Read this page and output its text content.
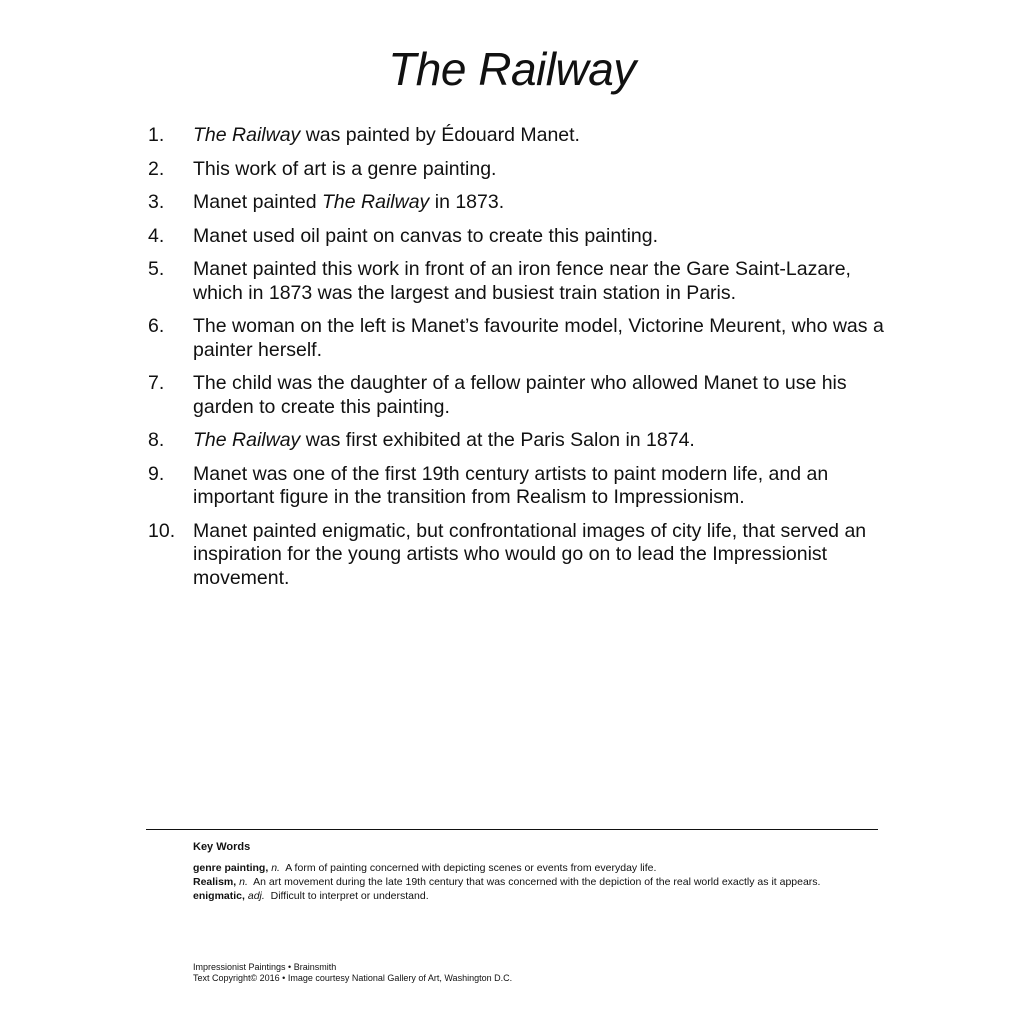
The Railway
1.	The Railway was painted by Édouard Manet.
2.	This work of art is a genre painting.
3.	Manet painted The Railway in 1873.
4.	Manet used oil paint on canvas to create this painting.
5.	Manet painted this work in front of an iron fence near the Gare Saint-Lazare, which in 1873 was the largest and busiest train station in Paris.
6.	The woman on the left is Manet’s favourite model, Victorine Meurent, who was a painter herself.
7.	The child was the daughter of a fellow painter who allowed Manet to use his garden to create this painting.
8.	The Railway was first exhibited at the Paris Salon in 1874.
9.	Manet was one of the first 19th century artists to paint modern life, and an important figure in the transition from Realism to Impressionism.
10. Manet painted enigmatic, but confrontational images of city life, that served an inspiration for the young artists who would go on to lead the Impressionist movement.
Key Words
genre painting, n. A form of painting concerned with depicting scenes or events from everyday life.
Realism, n. An art movement during the late 19th century that was concerned with the depiction of the real world exactly as it appears.
enigmatic, adj. Difficult to interpret or understand.
Impressionist Paintings • Brainsmith
Text Copyright© 2016 • Image courtesy National Gallery of Art, Washington D.C.
